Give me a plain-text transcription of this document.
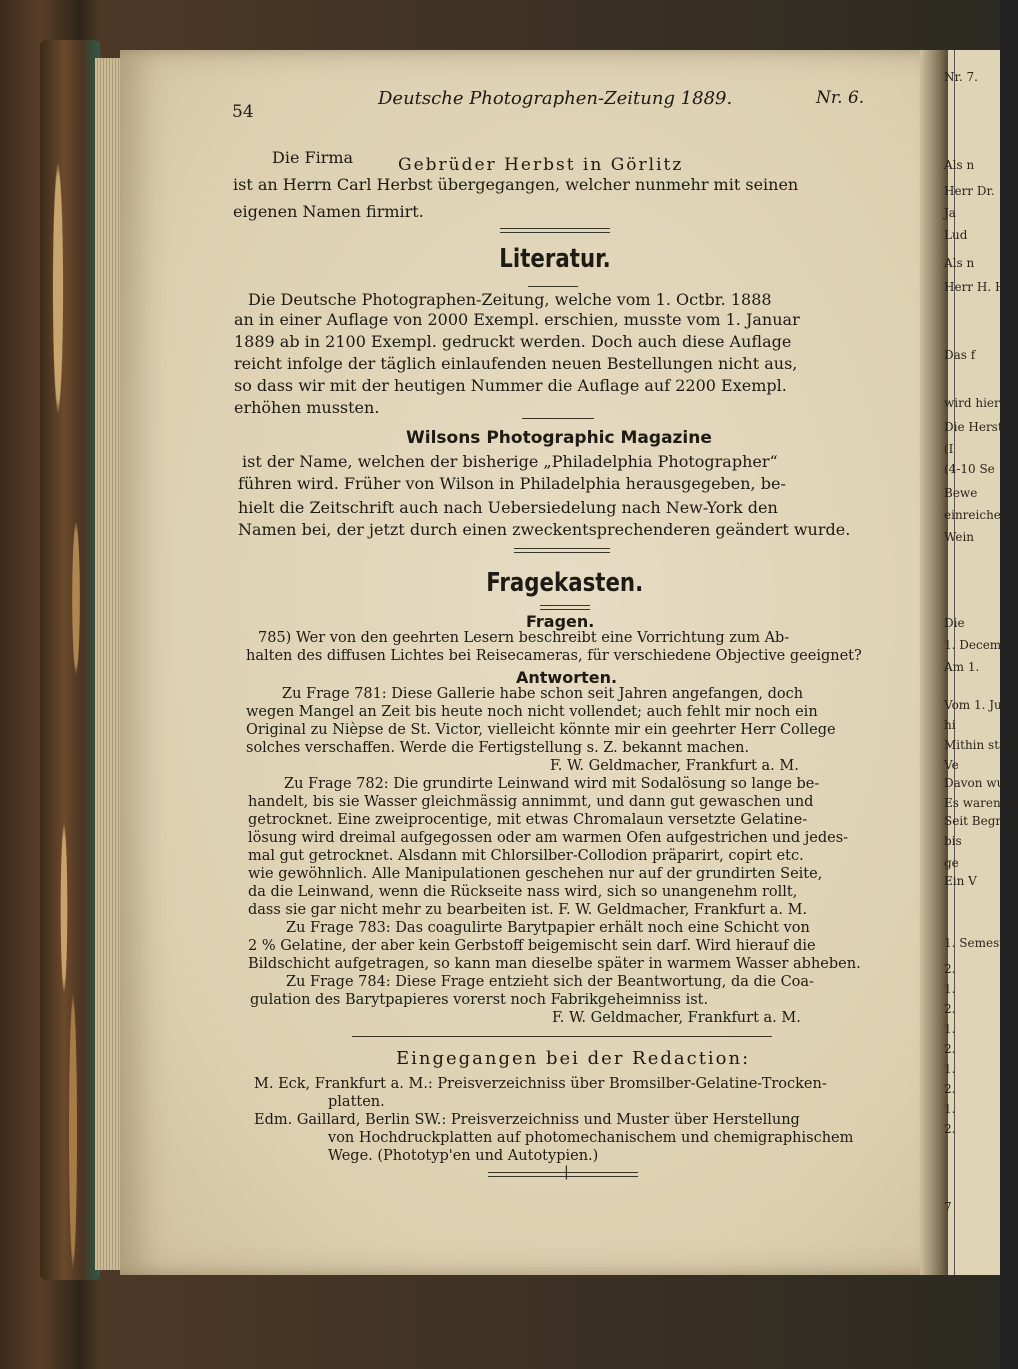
54
Deutsche Photographen-Zeitung 1889.	Nr. 6.
Die Firma	Gebrüder Herbst in Görlitz
ist an Herrn Carl Herbst übergegangen, welcher nunmehr mit seinen
eigenen Namen firmirt.
Literatur.
Die Deutsche Photographen-Zeitung, welche vom 1. Octbr. 1888
an in einer Auflage von 2000 Exempl. erschien, musste vom 1. Januar
1889 ab in 2100 Exempl. gedruckt werden. Doch auch diese Auflage
reicht infolge der täglich einlaufenden neuen Bestellungen nicht aus,
so dass wir mit der heutigen Nummer die Auflage auf 2200 Exempl.
erhöhen mussten.
Wilsons Photographic Magazine
ist der Name, welchen der bisherige „Philadelphia Photographer“
führen wird. Früher von Wilson in Philadelphia herausgegeben, be-
hielt die Zeitschrift auch nach Uebersiedelung nach New-York den
Namen bei, der jetzt durch einen zweckentsprechenderen geändert wurde.
Fragekasten.
Fragen.
785) Wer von den geehrten Lesern beschreibt eine Vorrichtung zum Ab-
halten des diffusen Lichtes bei Reisecameras, für verschiedene Objective geeignet?
Antworten.
Zu Frage 781: Diese Gallerie habe schon seit Jahren angefangen, doch
wegen Mangel an Zeit bis heute noch nicht vollendet; auch fehlt mir noch ein
Original zu Nièpse de St. Victor, vielleicht könnte mir ein geehrter Herr College
solches verschaffen. Werde die Fertigstellung s. Z. bekannt machen.
F. W. Geldmacher, Frankfurt a. M.
Zu Frage 782: Die grundirte Leinwand wird mit Sodalösung so lange be-
handelt, bis sie Wasser gleichmässig annimmt, und dann gut gewaschen und
getrocknet. Eine zweiprocentige, mit etwas Chromalaun versetzte Gelatine-
lösung wird dreimal aufgegossen oder am warmen Ofen aufgestrichen und jedes-
mal gut getrocknet. Alsdann mit Chlorsilber-Collodion präparirt, copirt etc.
wie gewöhnlich. Alle Manipulationen geschehen nur auf der grundirten Seite,
da die Leinwand, wenn die Rückseite nass wird, sich so unangenehm rollt,
dass sie gar nicht mehr zu bearbeiten ist. F. W. Geldmacher, Frankfurt a. M.
Zu Frage 783: Das coagulirte Barytpapier erhält noch eine Schicht von
2 % Gelatine, der aber kein Gerbstoff beigemischt sein darf. Wird hierauf die
Bildschicht aufgetragen, so kann man dieselbe später in warmem Wasser abheben.
Zu Frage 784: Diese Frage entzieht sich der Beantwortung, da die Coa-
gulation des Barytpapieres vorerst noch Fabrikgeheimniss ist.
F. W. Geldmacher, Frankfurt a. M.
Eingegangen bei der Redaction:
M. Eck, Frankfurt a. M.: Preisverzeichniss über Bromsilber-Gelatine-Trocken-
platten.
Edm. Gaillard, Berlin SW.: Preisverzeichniss und Muster über Herstellung
von Hochdruckplatten auf photomechanischem und chemigraphischem
Wege. (Phototyp'en und Autotypien.)
|
Nr. 7.
Als n
Herr Dr.
Ja
Lud
Als n
Herr H. H
Das f
wird hiern
Die Herst
(I
(4-10 Se
Bewe
einreichen
Wein
Die
1. Decem
Am 1.
Vom 1. Juli
hi
Mithin stan
Ve
Davon wurd
Es waren ar
Seit Begrün
bis
ge
Ein V
1. Semeste
2.
1.
2.
1.
2.
1.
2.
1.
2.
7
